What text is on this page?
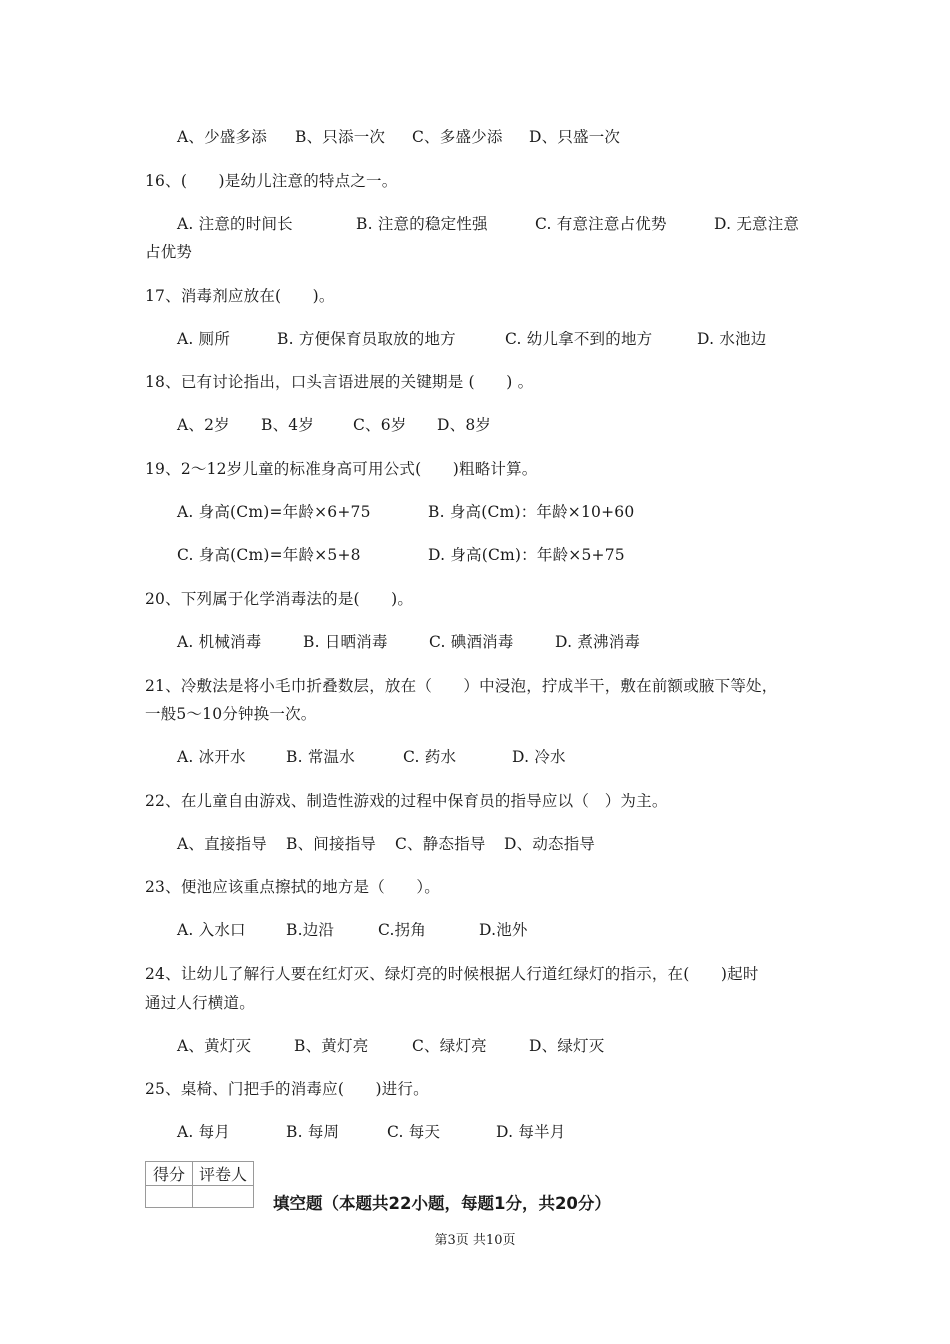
A、少盛多添 B、只添一次 C、多盛少添 D、只盛一次
16、(　　)是幼儿注意的特点之一。
A. 注意的时间长	B. 注意的稳定性强	C. 有意注意占优势	D. 无意注意
占优势
17、消毒剂应放在(　　)。
A. 厕所	B. 方便保育员取放的地方	C. 幼儿拿不到的地方	D. 水池边
18、已有讨论指出，口头言语进展的关键期是 (　　) 。
A、2岁 B、4岁	C、6岁 D、8岁
19、2～12岁儿童的标准身高可用公式(　　)粗略计算。
A. 身高(Cm)=年龄×6+75	B. 身高(Cm)：年龄×10+60
C. 身高(Cm)=年龄×5+8	D. 身高(Cm)：年龄×5+75
20、下列属于化学消毒法的是(　　)。
A. 机械消毒	B. 日晒消毒	C. 碘酒消毒	D. 煮沸消毒
21、冷敷法是将小毛巾折叠数层，放在（　　）中浸泡，拧成半干，敷在前额或腋下等处，
一般5～10分钟换一次。
A. 冰开水	B. 常温水	C. 药水	D. 冷水
22、在儿童自由游戏、制造性游戏的过程中保育员的指导应以（　）为主。
A、直接指导 B、间接指导 C、静态指导 D、动态指导
23、便池应该重点擦拭的地方是（　　）。
A. 入水口	B.边沿	C.拐角	D.池外
24、让幼儿了解行人要在红灯灭、绿灯亮的时候根据人行道红绿灯的指示，在(　　)起时
通过人行横道。
A、黄灯灭	B、黄灯亮	C、绿灯亮	D、绿灯灭
25、桌椅、门把手的消毒应(　　)进行。
A. 每月	B. 每周	C. 每天	D. 每半月
得分	评卷人

填空题（本题共22小题，每题1分，共20分）
第3页 共10页
